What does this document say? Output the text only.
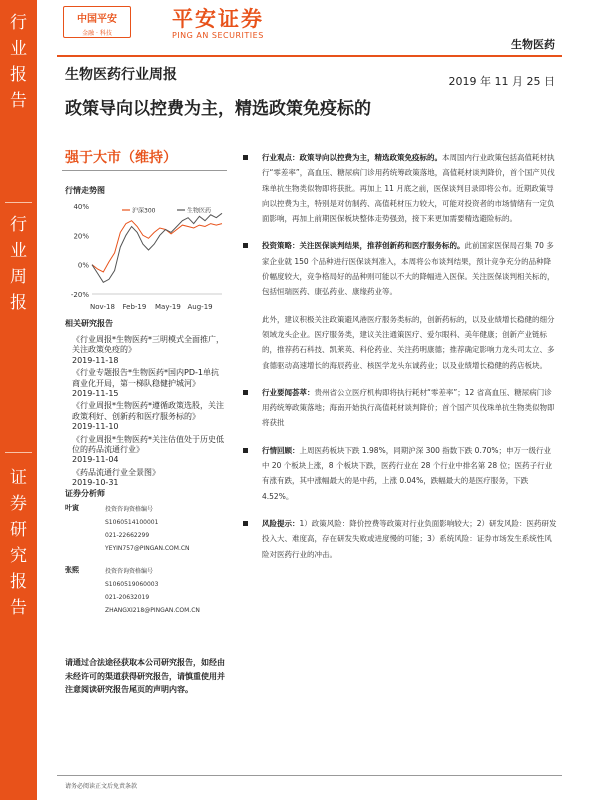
行
业
报
告
行
业
周
报
证
券
研
究
报
告
中国平安
金融 · 科技
平安证券
PING AN SECURITIES
生物医药
生物医药行业周报	2019 年 11 月 25 日
政策导向以控费为主，精选政策免疫标的
强于大市（维持）
行情走势图
40%
20%
0%
-20%
Nov-18 Feb-19 May-19 Aug-19
沪深300	生物医药
相关研究报告
《行业周报*生物医药*三明模式全面推广，关注政策免疫的》
2019-11-18
《行业专题报告*生物医药*国内PD-1单抗商业化开局，第一梯队稳健护城河》
2019-11-15
《行业周报*生物医药*遵循政策选股，关注政策利好、创新药和医疗服务标的》
2019-11-10
《行业周报*生物医药*关注估值处于历史低位的药品流通行业》
2019-11-04
《药品流通行业全景图》
2019-10-31
证券分析师
叶寅	投资咨询资格编号
S1060514100001
021-22662299
YEYIN757@PINGAN.COM.CN
张熙	投资咨询资格编号
S1060519060003
021-20632019
ZHANGXI218@PINGAN.COM.CN
请通过合法途径获取本公司研究报告，如经由未经许可的渠道获得研究报告，请慎重使用并注意阅读研究报告尾页的声明内容。
行业观点：政策导向以控费为主，精选政策免疫标的。本周国内行业政策包括高值耗材执行“零差率”，高血压、糖尿病门诊用药统筹政策落地，高值耗材谈判降价，首个国产贝伐珠单抗生物类似物即将获批。再加上 11 月底之前，医保谈判目录即将公布。近期政策导向以控费为主，特别是对仿制药、高值耗材压力较大，可能对投资者的市场情绪有一定负面影响，再加上前期医保板块整体走势强劲，接下来更加需要精选避险标的。
投资策略：关注医保谈判结果，推荐创新药和医疗服务标的。此前国家医保局召集 70 多家企业就 150 个品种进行医保谈判准入，本周将公布谈判结果，预计竞争充分的品种降价幅度较大，竞争格局好的品种则可能以不大的降幅进入医保。关注医保谈判相关标的，包括恒瑞医药、康弘药业、康缘药业等。
此外，建议积极关注政策避风港医疗服务类标的，创新药标的，以及业绩增长稳健的细分领域龙头企业。医疗服务类，建议关注通策医疗、爱尔眼科、美年健康；创新产业链标的，推荐药石科技、凯莱英、科伦药业、关注药明康德；推荐确定影响力龙头司太立、多食德驱动高速增长的海辰药业、核医学龙头东诚药业；以及业绩增长稳健的药店板块。
行业要闻荟萃：贵州省公立医疗机构即将执行耗材“零差率”；12 省高血压、糖尿病门诊用药统筹政策落地；海南开始执行高值耗材谈判降价；首个国产贝伐珠单抗生物类似物即将获批
行情回顾：上周医药板块下跌 1.98%，同期沪深 300 指数下跌 0.70%；申万一级行业中 20 个板块上涨，8 个板块下跌，医药行业在 28 个行业中排名第 28 位；医药子行业有涨有跌，其中涨幅最大的是中药，上涨 0.04%，跌幅最大的是医疗服务，下跌 4.52%。
风险提示：1）政策风险：降价控费等政策对行业负面影响较大；2）研发风险：医药研发投入大、难度高，存在研发失败或进度慢的可能；3）系统风险：证券市场发生系统性风险对医药行业的冲击。
请务必阅读正文后免责条款
